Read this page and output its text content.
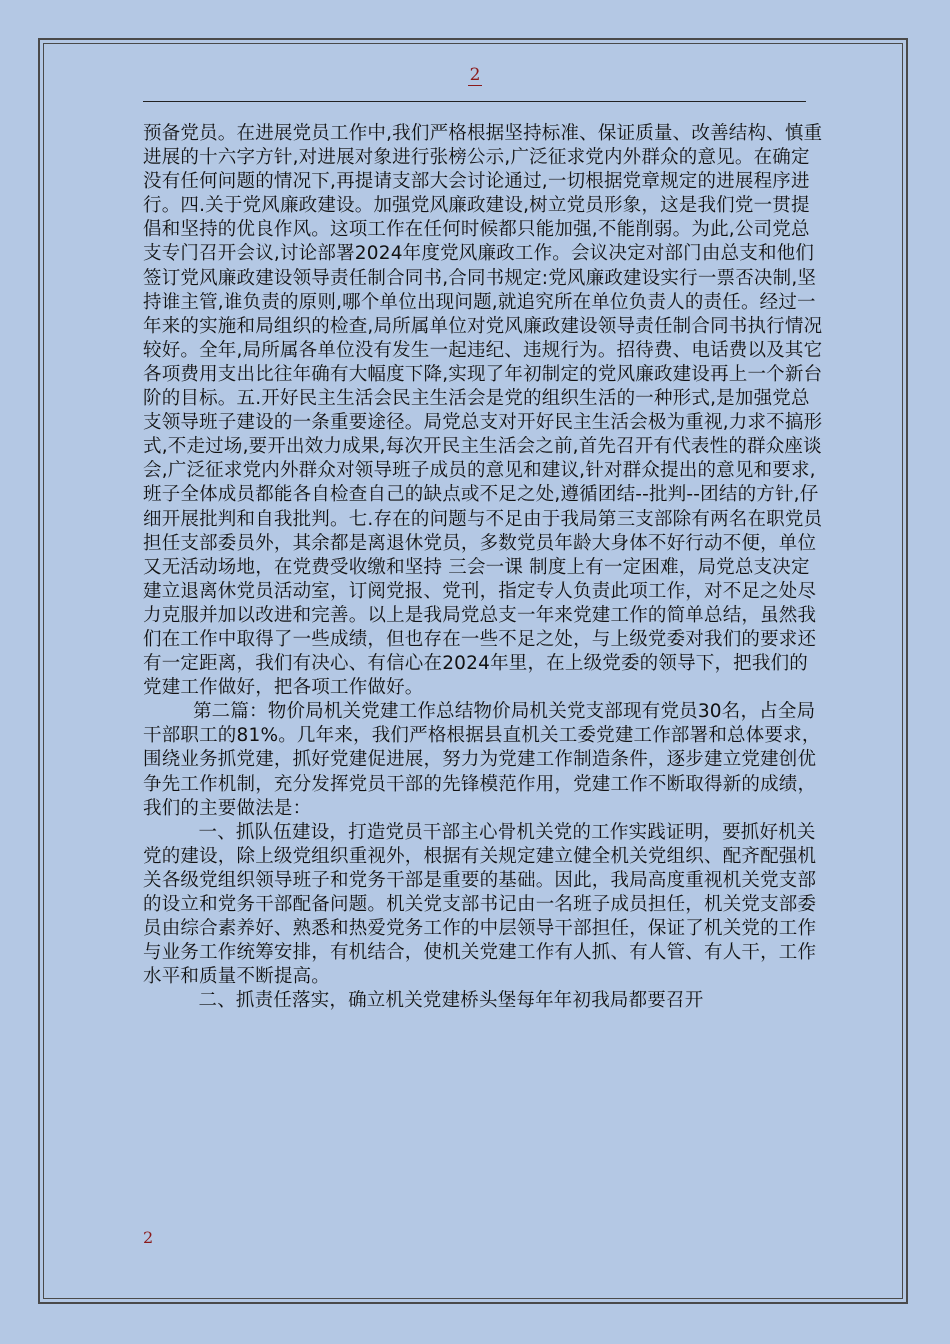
2

预备党员。在进展党员工作中,我们严格根据坚持标准、保证质量、改善结构、慎重进展的十六字方针,对进展对象进行张榜公示,广泛征求党内外群众的意见。在确定没有任何问题的情况下,再提请支部大会讨论通过,一切根据党章规定的进展程序进行。四.关于党风廉政建设。加强党风廉政建设,树立党员形象，这是我们党一贯提倡和坚持的优良作风。这项工作在任何时候都只能加强,不能削弱。为此,公司党总支专门召开会议,讨论部署2024年度党风廉政工作。会议决定对部门由总支和他们签订党风廉政建设领导责任制合同书,合同书规定:党风廉政建设实行一票否决制,坚持谁主管,谁负责的原则,哪个单位出现问题,就追究所在单位负责人的责任。经过一年来的实施和局组织的检查,局所属单位对党风廉政建设领导责任制合同书执行情况较好。全年,局所属各单位没有发生一起违纪、违规行为。招待费、电话费以及其它各项费用支出比往年确有大幅度下降,实现了年初制定的党风廉政建设再上一个新台阶的目标。五.开好民主生活会民主生活会是党的组织生活的一种形式,是加强党总支领导班子建设的一条重要途径。局党总支对开好民主生活会极为重视,力求不搞形式,不走过场,要开出效力成果,每次开民主生活会之前,首先召开有代表性的群众座谈会,广泛征求党内外群众对领导班子成员的意见和建议,针对群众提出的意见和要求,班子全体成员都能各自检查自己的缺点或不足之处,遵循团结--批判--团结的方针,仔细开展批判和自我批判。七.存在的问题与不足由于我局第三支部除有两名在职党员担任支部委员外，其余都是离退休党员，多数党员年龄大身体不好行动不便，单位又无活动场地，在党费受收缴和坚持 三会一课 制度上有一定困难，局党总支决定建立退离休党员活动室，订阅党报、党刊，指定专人负责此项工作，对不足之处尽力克服并加以改进和完善。以上是我局党总支一年来党建工作的简单总结，虽然我们在工作中取得了一些成绩，但也存在一些不足之处，与上级党委对我们的要求还有一定距离，我们有决心、有信心在2024年里，在上级党委的领导下，把我们的党建工作做好，把各项工作做好。

第二篇：物价局机关党建工作总结物价局机关党支部现有党员30名，占全局干部职工的81%。几年来，我们严格根据县直机关工委党建工作部署和总体要求，围绕业务抓党建，抓好党建促进展，努力为党建工作制造条件，逐步建立党建创优争先工作机制，充分发挥党员干部的先锋模范作用，党建工作不断取得新的成绩，我们的主要做法是：

一、抓队伍建设，打造党员干部主心骨机关党的工作实践证明，要抓好机关党的建设，除上级党组织重视外，根据有关规定建立健全机关党组织、配齐配强机关各级党组织领导班子和党务干部是重要的基础。因此，我局高度重视机关党支部的设立和党务干部配备问题。机关党支部书记由一名班子成员担任，机关党支部委员由综合素养好、熟悉和热爱党务工作的中层领导干部担任，保证了机关党的工作与业务工作统筹安排，有机结合，使机关党建工作有人抓、有人管、有人干，工作水平和质量不断提高。

二、抓责任落实，确立机关党建桥头堡每年年初我局都要召开

2
